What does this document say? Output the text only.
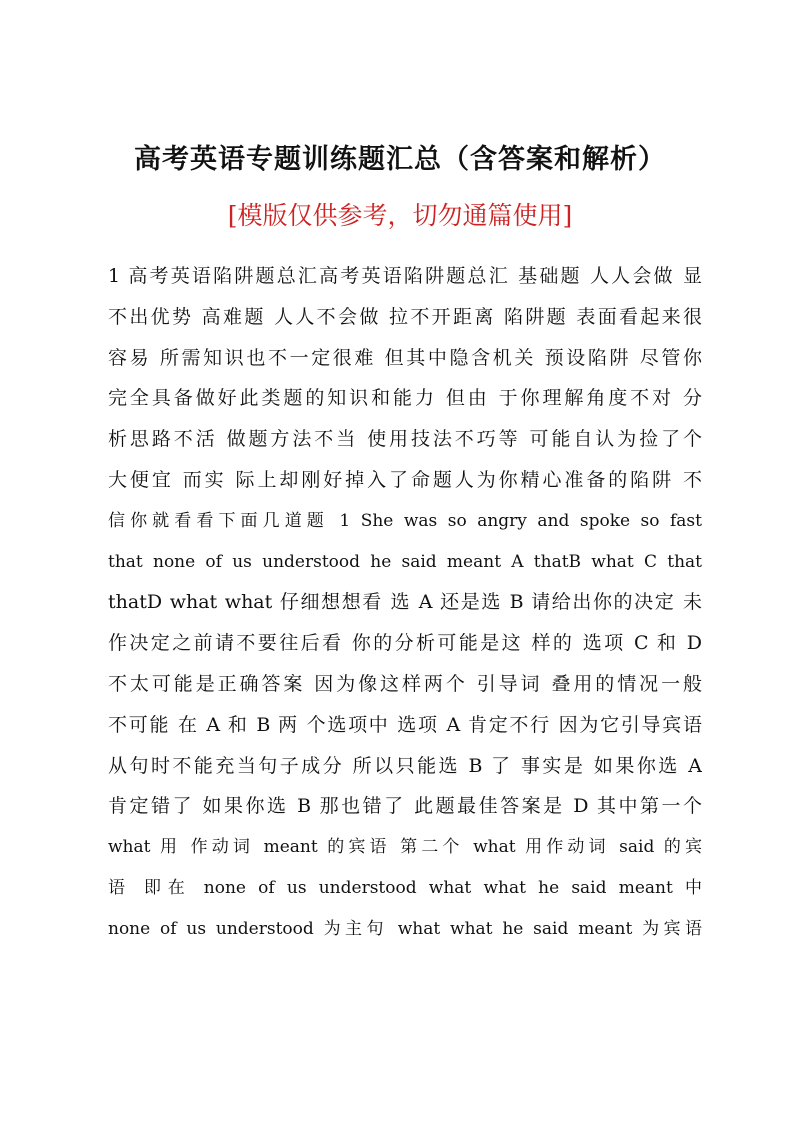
高考英语专题训练题汇总（含答案和解析）
[模版仅供参考，切勿通篇使用]
1 高考英语陷阱题总汇高考英语陷阱题总汇 基础题 人人会做 显
不出优势 高难题 人人不会做 拉不开距离 陷阱题 表面看起来很
容易 所需知识也不一定很难 但其中隐含机关 预设陷阱 尽管你
完全具备做好此类题的知识和能力 但由 于你理解角度不对 分
析思路不活 做题方法不当 使用技法不巧等 可能自认为捡了个
大便宜 而实 际上却刚好掉入了命题人为你精心准备的陷阱 不
信你就看看下面几道题 1 She was so angry and spoke so fast
that none of us understood he said meant A thatB what C that
thatD what what 仔细想想看 选 A 还是选 B 请给出你的决定 未
作决定之前请不要往后看 你的分析可能是这 样的 选项 C 和 D
不太可能是正确答案 因为像这样两个 引导词 叠用的情况一般
不可能 在 A 和 B 两 个选项中 选项 A 肯定不行 因为它引导宾语
从句时不能充当句子成分 所以只能选 B 了 事实是 如果你选 A
肯定错了 如果你选 B 那也错了 此题最佳答案是 D 其中第一个
what 用 作动词 meant 的宾语 第二个 what 用作动词 said 的宾
语 即在 none of us understood what what he said meant 中
none of us understood 为主句 what what he said meant 为宾语
